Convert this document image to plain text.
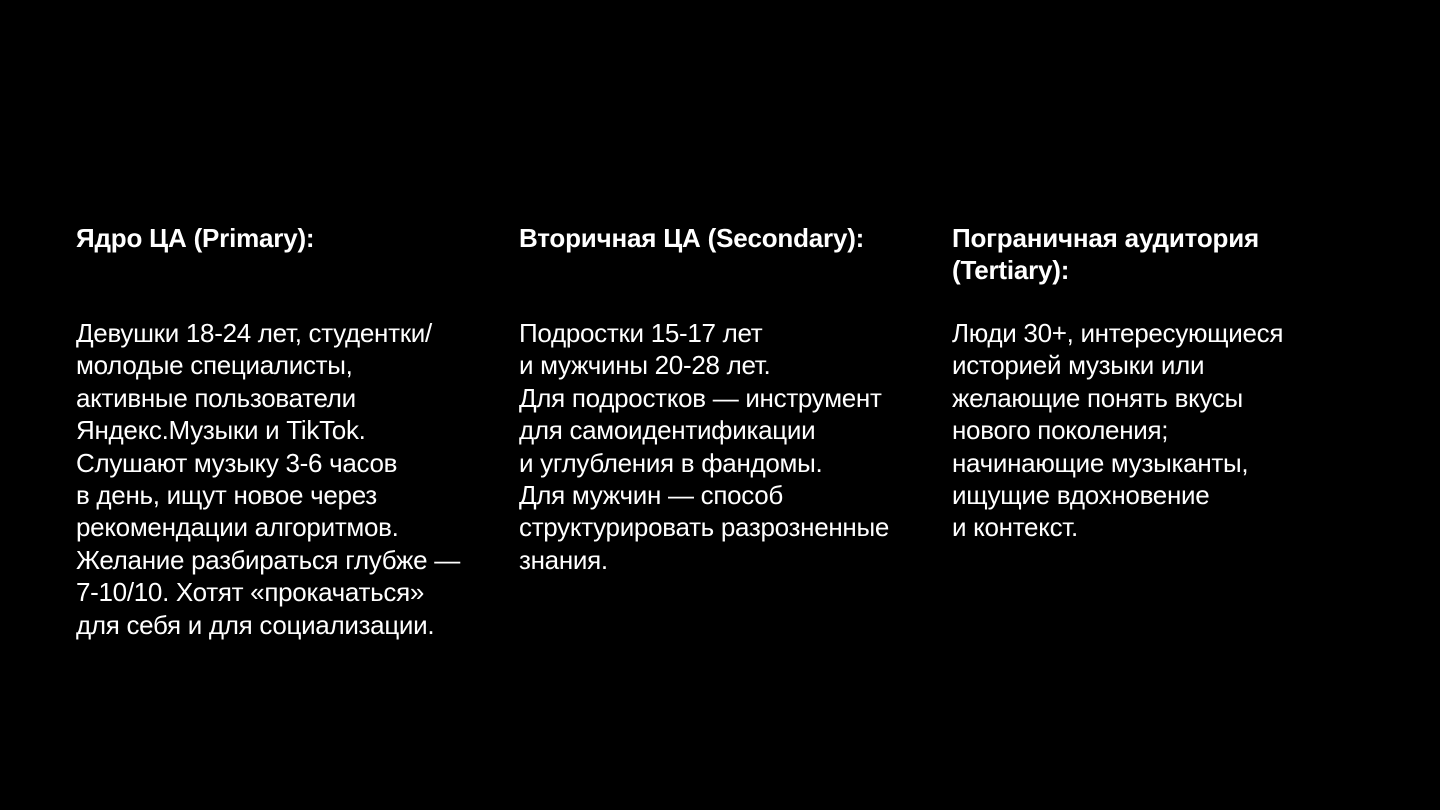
Ядро ЦА (Primary):
Девушки 18-24 лет, студентки/
молодые специалисты,
активные пользователи
Яндекс.Музыки и TikTok.
Слушают музыку 3-6 часов
в день, ищут новое через
рекомендации алгоритмов.
Желание разбираться глубже —
7-10/10. Хотят «прокачаться»
для себя и для социализации.
Вторичная ЦА (Secondary):
Подростки 15-17 лет
и мужчины 20-28 лет.
Для подростков — инструмент
для самоидентификации
и углубления в фандомы.
Для мужчин — способ
структурировать разрозненные
знания.
Пограничная аудитория
(Tertiary):
Люди 30+, интересующиеся
историей музыки или
желающие понять вкусы
нового поколения;
начинающие музыканты,
ищущие вдохновение
и контекст.
